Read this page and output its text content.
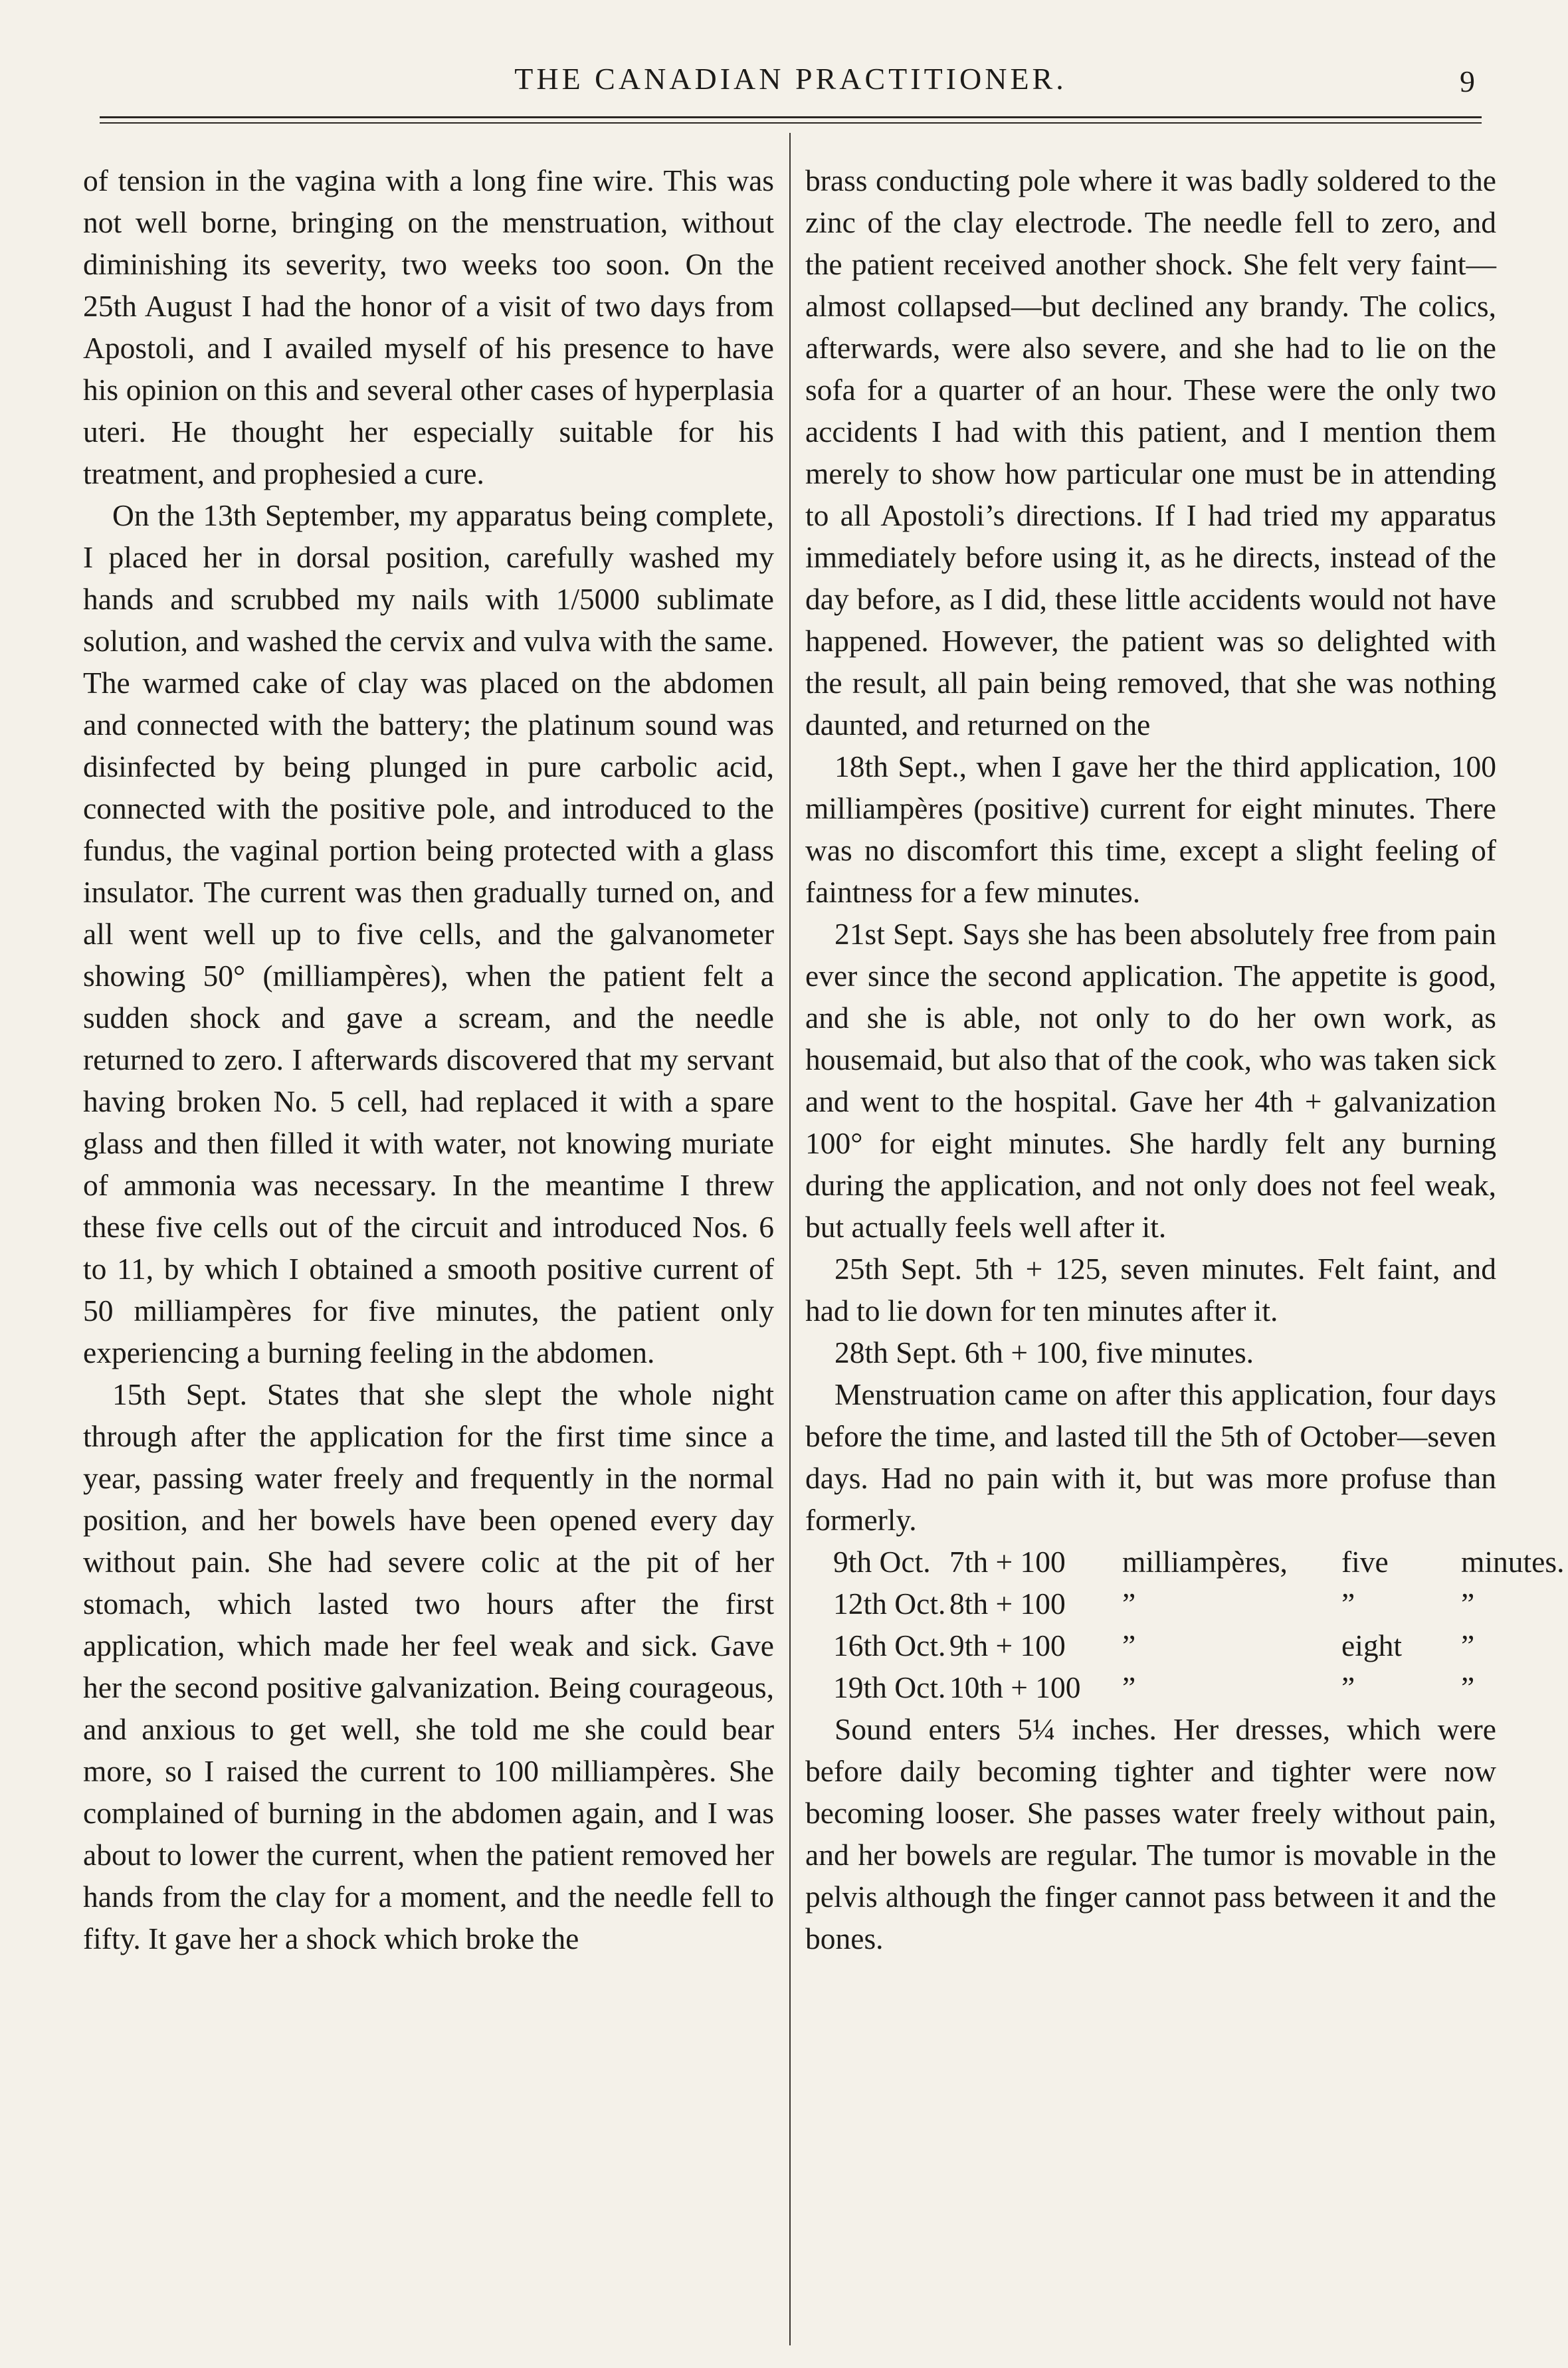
THE CANADIAN PRACTITIONER.	9

of tension in the vagina with a long fine wire. This was not well borne, bringing on the menstruation, without diminishing its severity, two weeks too soon. On the 25th August I had the honor of a visit of two days from Apostoli, and I availed myself of his presence to have his opinion on this and several other cases of hyperplasia uteri. He thought her especially suitable for his treatment, and prophesied a cure.

On the 13th September, my apparatus being complete, I placed her in dorsal position, carefully washed my hands and scrubbed my nails with 1/5000 sublimate solution, and washed the cervix and vulva with the same. The warmed cake of clay was placed on the abdomen and connected with the battery; the platinum sound was disinfected by being plunged in pure carbolic acid, connected with the positive pole, and introduced to the fundus, the vaginal portion being protected with a glass insulator. The current was then gradually turned on, and all went well up to five cells, and the galvanometer showing 50° (milliampères), when the patient felt a sudden shock and gave a scream, and the needle returned to zero. I afterwards discovered that my servant having broken No. 5 cell, had replaced it with a spare glass and then filled it with water, not knowing muriate of ammonia was necessary. In the meantime I threw these five cells out of the circuit and introduced Nos. 6 to 11, by which I obtained a smooth positive current of 50 milliampères for five minutes, the patient only experiencing a burning feeling in the abdomen.

15th Sept. States that she slept the whole night through after the application for the first time since a year, passing water freely and frequently in the normal position, and her bowels have been opened every day without pain. She had severe colic at the pit of her stomach, which lasted two hours after the first application, which made her feel weak and sick. Gave her the second positive galvanization. Being courageous, and anxious to get well, she told me she could bear more, so I raised the current to 100 milliampères. She complained of burning in the abdomen again, and I was about to lower the current, when the patient removed her hands from the clay for a moment, and the needle fell to fifty. It gave her a shock which broke the

brass conducting pole where it was badly soldered to the zinc of the clay electrode. The needle fell to zero, and the patient received another shock. She felt very faint—almost collapsed—but declined any brandy. The colics, afterwards, were also severe, and she had to lie on the sofa for a quarter of an hour. These were the only two accidents I had with this patient, and I mention them merely to show how particular one must be in attending to all Apostoli’s directions. If I had tried my apparatus immediately before using it, as he directs, instead of the day before, as I did, these little accidents would not have happened. However, the patient was so delighted with the result, all pain being removed, that she was nothing daunted, and returned on the

18th Sept., when I gave her the third application, 100 milliampères (positive) current for eight minutes. There was no discomfort this time, except a slight feeling of faintness for a few minutes.

21st Sept. Says she has been absolutely free from pain ever since the second application. The appetite is good, and she is able, not only to do her own work, as housemaid, but also that of the cook, who was taken sick and went to the hospital. Gave her 4th + galvanization 100° for eight minutes. She hardly felt any burning during the application, and not only does not feel weak, but actually feels well after it.

25th Sept. 5th + 125, seven minutes. Felt faint, and had to lie down for ten minutes after it.

28th Sept. 6th + 100, five minutes.

Menstruation came on after this application, four days before the time, and lasted till the 5th of October—seven days. Had no pain with it, but was more profuse than formerly.

9th Oct. 7th + 100	milliampères,	five	minutes.
12th Oct. 8th + 100	”	”	”
16th Oct. 9th + 100	”	eight	”
19th Oct. 10th + 100	”	”	”

Sound enters 5¼ inches. Her dresses, which were before daily becoming tighter and tighter were now becoming looser. She passes water freely without pain, and her bowels are regular. The tumor is movable in the pelvis although the finger cannot pass between it and the bones.
